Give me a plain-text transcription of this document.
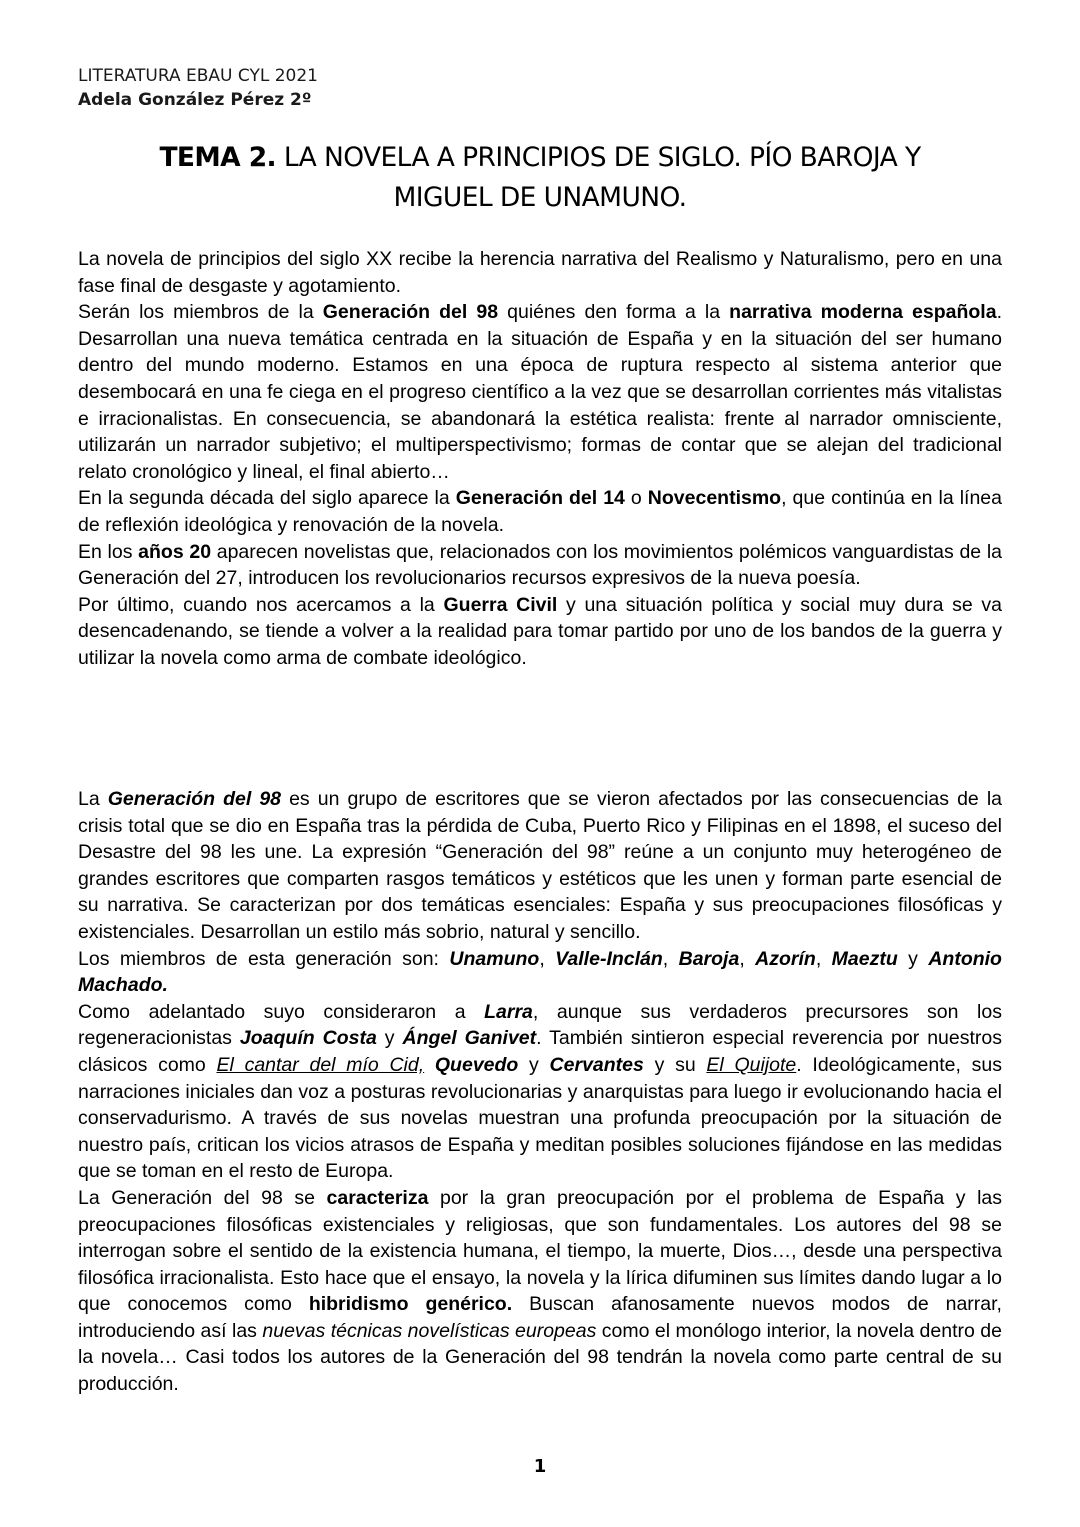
LITERATURA EBAU CYL 2021
Adela González Pérez 2º
TEMA 2. LA NOVELA A PRINCIPIOS DE SIGLO. PÍO BAROJA Y
MIGUEL DE UNAMUNO.

La novela de principios del siglo XX recibe la herencia narrativa del Realismo y Naturalismo, pero en una fase final de desgaste y agotamiento.

Serán los miembros de la Generación del 98 quiénes den forma a la narrativa moderna española. Desarrollan una nueva temática centrada en la situación de España y en la situación del ser humano dentro del mundo moderno. Estamos en una época de ruptura respecto al sistema anterior que desembocará en una fe ciega en el progreso científico a la vez que se desarrollan corrientes más vitalistas e irracionalistas. En consecuencia, se abandonará la estética realista: frente al narrador omnisciente, utilizarán un narrador subjetivo; el multiperspectivismo; formas de contar que se alejan del tradicional relato cronológico y lineal, el final abierto…

En la segunda década del siglo aparece la Generación del 14 o Novecentismo, que continúa en la línea de reflexión ideológica y renovación de la novela.

En los años 20 aparecen novelistas que, relacionados con los movimientos polémicos vanguardistas de la Generación del 27, introducen los revolucionarios recursos expresivos de la nueva poesía.

Por último, cuando nos acercamos a la Guerra Civil y una situación política y social muy dura se va desencadenando, se tiende a volver a la realidad para tomar partido por uno de los bandos de la guerra y utilizar la novela como arma de combate ideológico.

La Generación del 98 es un grupo de escritores que se vieron afectados por las consecuencias de la crisis total que se dio en España tras la pérdida de Cuba, Puerto Rico y Filipinas en el 1898, el suceso del Desastre del 98 les une. La expresión “Generación del 98” reúne a un conjunto muy heterogéneo de grandes escritores que comparten rasgos temáticos y estéticos que les unen y forman parte esencial de su narrativa. Se caracterizan por dos temáticas esenciales: España y sus preocupaciones filosóficas y existenciales. Desarrollan un estilo más sobrio, natural y sencillo.

Los miembros de esta generación son: Unamuno, Valle-Inclán, Baroja, Azorín, Maeztu y Antonio Machado.

Como adelantado suyo consideraron a Larra, aunque sus verdaderos precursores son los regeneracionistas Joaquín Costa y Ángel Ganivet. También sintieron especial reverencia por nuestros clásicos como El cantar del mío Cid, Quevedo y Cervantes y su El Quijote. Ideológicamente, sus narraciones iniciales dan voz a posturas revolucionarias y anarquistas para luego ir evolucionando hacia el conservadurismo. A través de sus novelas muestran una profunda preocupación por la situación de nuestro país, critican los vicios atrasos de España y meditan posibles soluciones fijándose en las medidas que se toman en el resto de Europa.

La Generación del 98 se caracteriza por la gran preocupación por el problema de España y las preocupaciones filosóficas existenciales y religiosas, que son fundamentales. Los autores del 98 se interrogan sobre el sentido de la existencia humana, el tiempo, la muerte, Dios…, desde una perspectiva filosófica irracionalista. Esto hace que el ensayo, la novela y la lírica difuminen sus límites dando lugar a lo que conocemos como hibridismo genérico. Buscan afanosamente nuevos modos de narrar, introduciendo así las nuevas técnicas novelísticas europeas como el monólogo interior, la novela dentro de la novela… Casi todos los autores de la Generación del 98 tendrán la novela como parte central de su producción.

1
